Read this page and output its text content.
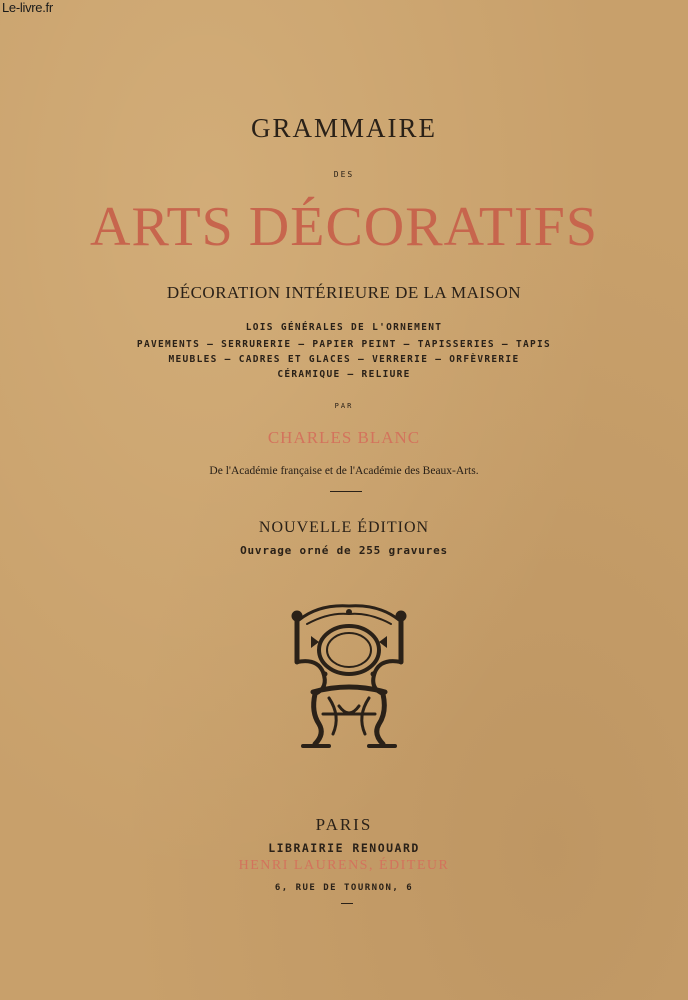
Le-livre.fr
GRAMMAIRE
DES
ARTS DÉCORATIFS
DÉCORATION INTÉRIEURE DE LA MAISON
LOIS GÉNÉRALES DE L'ORNEMENT
PAVEMENTS — SERRURERIE — PAPIER PEINT — TAPISSERIES — TAPIS
MEUBLES — CADRES ET GLACES — VERRERIE — ORFÈVRERIE
CÉRAMIQUE — RELIURE
PAR
CHARLES BLANC
De l'Académie française et de l'Académie des Beaux-Arts.
NOUVELLE ÉDITION
Ouvrage orné de 255 gravures
PARIS
LIBRAIRIE RENOUARD
HENRI LAURENS, ÉDITEUR
6, RUE DE TOURNON, 6
